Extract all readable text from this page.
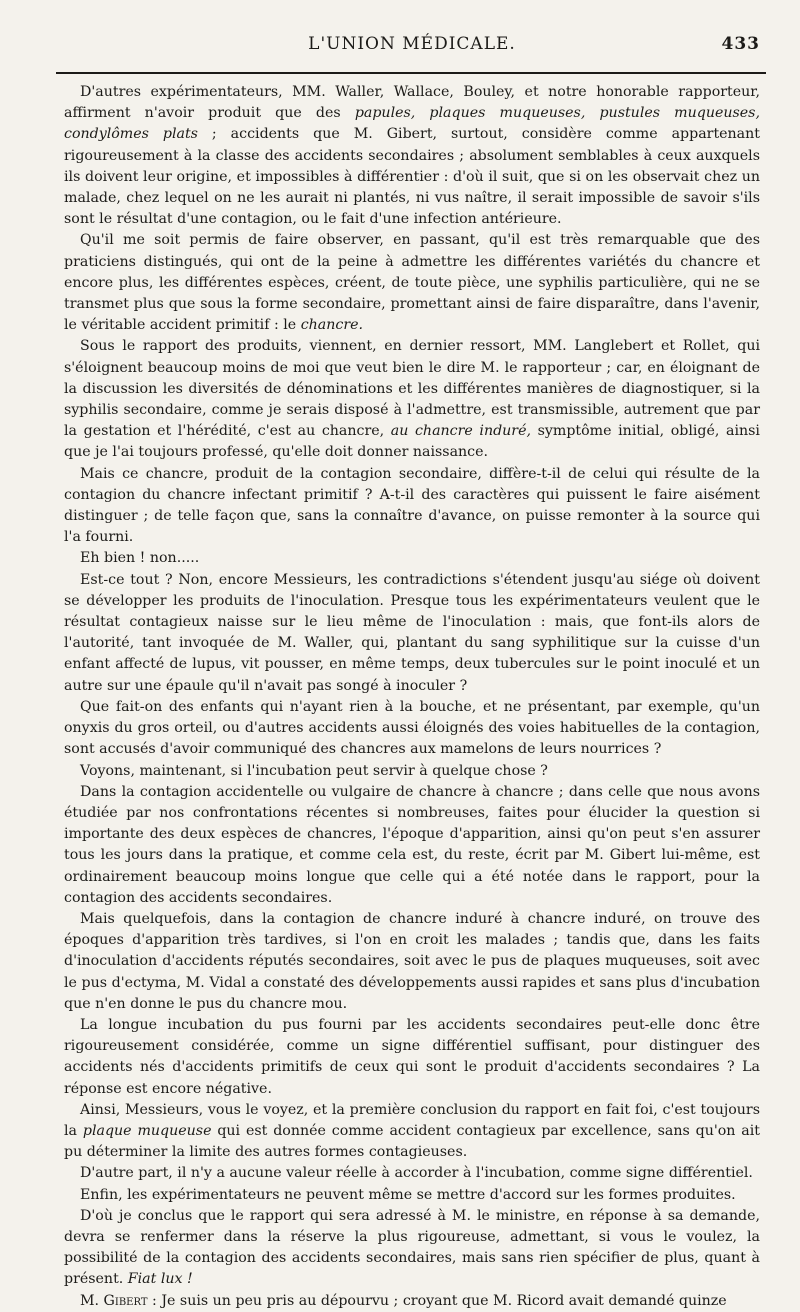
L'UNION MÉDICALE.	433

D'autres expérimentateurs, MM. Waller, Wallace, Bouley, et notre honorable rapporteur, affirment n'avoir produit que des papules, plaques muqueuses, pustules muqueuses, condylômes plats ; accidents que M. Gibert, surtout, considère comme appartenant rigoureusement à la classe des accidents secondaires ; absolument semblables à ceux auxquels ils doivent leur origine, et impossibles à différentier : d'où il suit, que si on les observait chez un malade, chez lequel on ne les aurait ni plantés, ni vus naître, il serait impossible de savoir s'ils sont le résultat d'une contagion, ou le fait d'une infection antérieure.

Qu'il me soit permis de faire observer, en passant, qu'il est très remarquable que des praticiens distingués, qui ont de la peine à admettre les différentes variétés du chancre et encore plus, les différentes espèces, créent, de toute pièce, une syphilis particulière, qui ne se transmet plus que sous la forme secondaire, promettant ainsi de faire disparaître, dans l'avenir, le véritable accident primitif : le chancre.

Sous le rapport des produits, viennent, en dernier ressort, MM. Langlebert et Rollet, qui s'éloignent beaucoup moins de moi que veut bien le dire M. le rapporteur ; car, en éloignant de la discussion les diversités de dénominations et les différentes manières de diagnostiquer, si la syphilis secondaire, comme je serais disposé à l'admettre, est transmissible, autrement que par la gestation et l'hérédité, c'est au chancre, au chancre induré, symptôme initial, obligé, ainsi que je l'ai toujours professé, qu'elle doit donner naissance.

Mais ce chancre, produit de la contagion secondaire, diffère-t-il de celui qui résulte de la contagion du chancre infectant primitif ? A-t-il des caractères qui puissent le faire aisément distinguer ; de telle façon que, sans la connaître d'avance, on puisse remonter à la source qui l'a fourni.

Eh bien ! non.....

Est-ce tout ? Non, encore Messieurs, les contradictions s'étendent jusqu'au siége où doivent se développer les produits de l'inoculation. Presque tous les expérimentateurs veulent que le résultat contagieux naisse sur le lieu même de l'inoculation : mais, que font-ils alors de l'autorité, tant invoquée de M. Waller, qui, plantant du sang syphilitique sur la cuisse d'un enfant affecté de lupus, vit pousser, en même temps, deux tubercules sur le point inoculé et un autre sur une épaule qu'il n'avait pas songé à inoculer ?

Que fait-on des enfants qui n'ayant rien à la bouche, et ne présentant, par exemple, qu'un onyxis du gros orteil, ou d'autres accidents aussi éloignés des voies habituelles de la contagion, sont accusés d'avoir communiqué des chancres aux mamelons de leurs nourrices ?

Voyons, maintenant, si l'incubation peut servir à quelque chose ?

Dans la contagion accidentelle ou vulgaire de chancre à chancre ; dans celle que nous avons étudiée par nos confrontations récentes si nombreuses, faites pour élucider la question si importante des deux espèces de chancres, l'époque d'apparition, ainsi qu'on peut s'en assurer tous les jours dans la pratique, et comme cela est, du reste, écrit par M. Gibert lui-même, est ordinairement beaucoup moins longue que celle qui a été notée dans le rapport, pour la contagion des accidents secondaires.

Mais quelquefois, dans la contagion de chancre induré à chancre induré, on trouve des époques d'apparition très tardives, si l'on en croit les malades ; tandis que, dans les faits d'inoculation d'accidents réputés secondaires, soit avec le pus de plaques muqueuses, soit avec le pus d'ectyma, M. Vidal a constaté des développements aussi rapides et sans plus d'incubation que n'en donne le pus du chancre mou.

La longue incubation du pus fourni par les accidents secondaires peut-elle donc être rigoureusement considérée, comme un signe différentiel suffisant, pour distinguer des accidents nés d'accidents primitifs de ceux qui sont le produit d'accidents secondaires ? La réponse est encore négative.

Ainsi, Messieurs, vous le voyez, et la première conclusion du rapport en fait foi, c'est toujours la plaque muqueuse qui est donnée comme accident contagieux par excellence, sans qu'on ait pu déterminer la limite des autres formes contagieuses.

D'autre part, il n'y a aucune valeur réelle à accorder à l'incubation, comme signe différentiel.

Enfin, les expérimentateurs ne peuvent même se mettre d'accord sur les formes produites.

D'où je conclus que le rapport qui sera adressé à M. le ministre, en réponse à sa demande, devra se renfermer dans la réserve la plus rigoureuse, admettant, si vous le voulez, la possibilité de la contagion des accidents secondaires, mais sans rien spécifier de plus, quant à présent. Fiat lux !

M. Gibert : Je suis un peu pris au dépourvu ; croyant que M. Ricord avait demandé quinze
